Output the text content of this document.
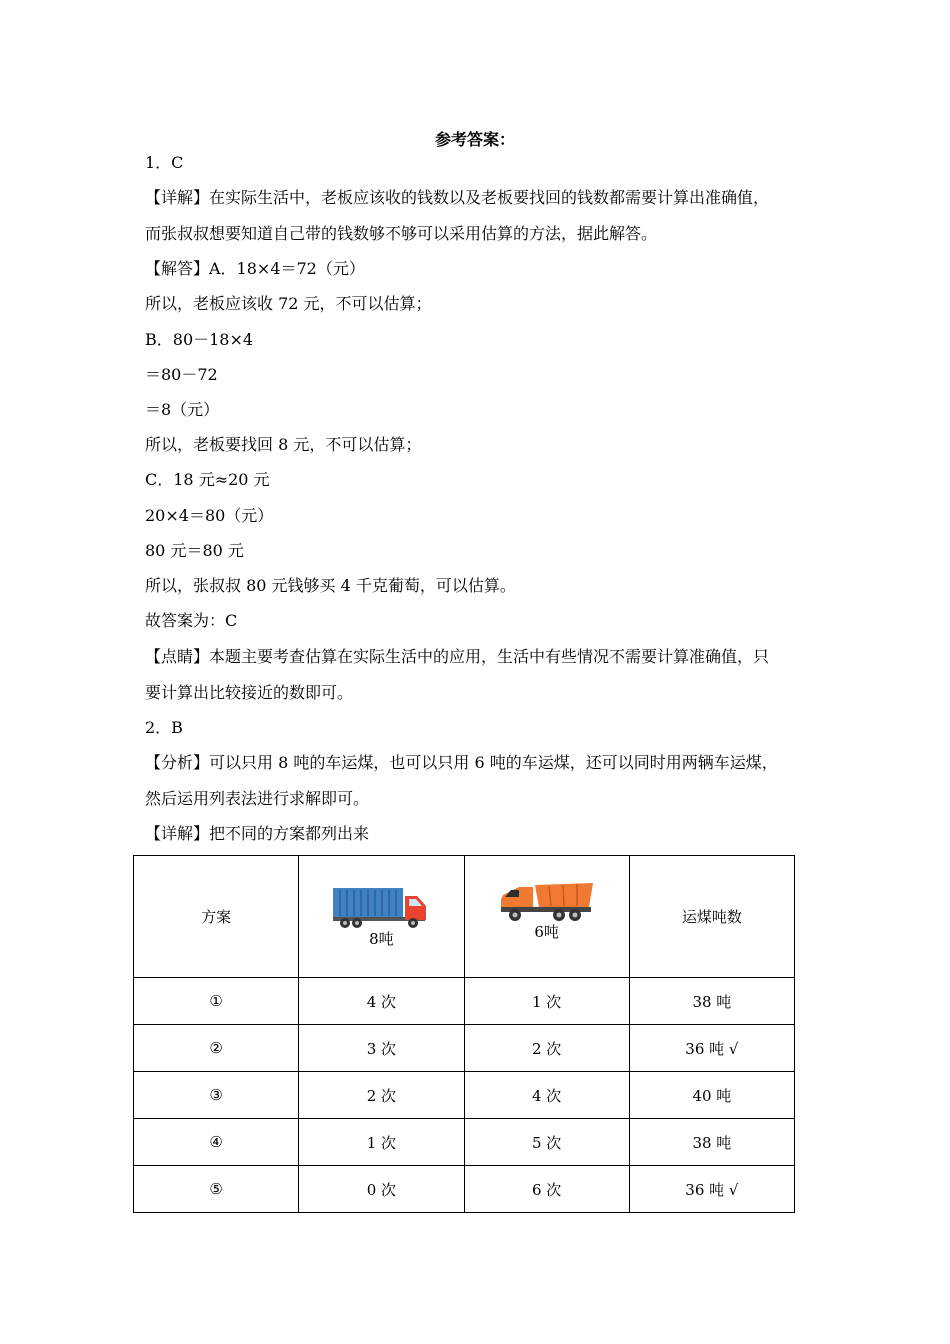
参考答案：
1．C
【详解】在实际生活中，老板应该收的钱数以及老板要找回的钱数都需要计算出准确值，
而张叔叔想要知道自己带的钱数够不够可以采用估算的方法，据此解答。
【解答】A．18×4＝72（元）
所以，老板应该收 72 元，不可以估算；
B．80－18×4
＝80－72
＝8（元）
所以，老板要找回 8 元，不可以估算；
C．18 元≈20 元
20×4＝80（元）
80 元＝80 元
所以，张叔叔 80 元钱够买 4 千克葡萄，可以估算。
故答案为：C
【点睛】本题主要考查估算在实际生活中的应用，生活中有些情况不需要计算准确值，只
要计算出比较接近的数即可。
2．B
【分析】可以只用 8 吨的车运煤，也可以只用 6 吨的车运煤，还可以同时用两辆车运煤，
然后运用列表法进行求解即可。
【详解】把不同的方案都列出来
方案	8吨	6吨	运煤吨数
①	4 次	1 次	38 吨
②	3 次	2 次	36 吨 √
③	2 次	4 次	40 吨
④	1 次	5 次	38 吨
⑤	0 次	6 次	36 吨 √
